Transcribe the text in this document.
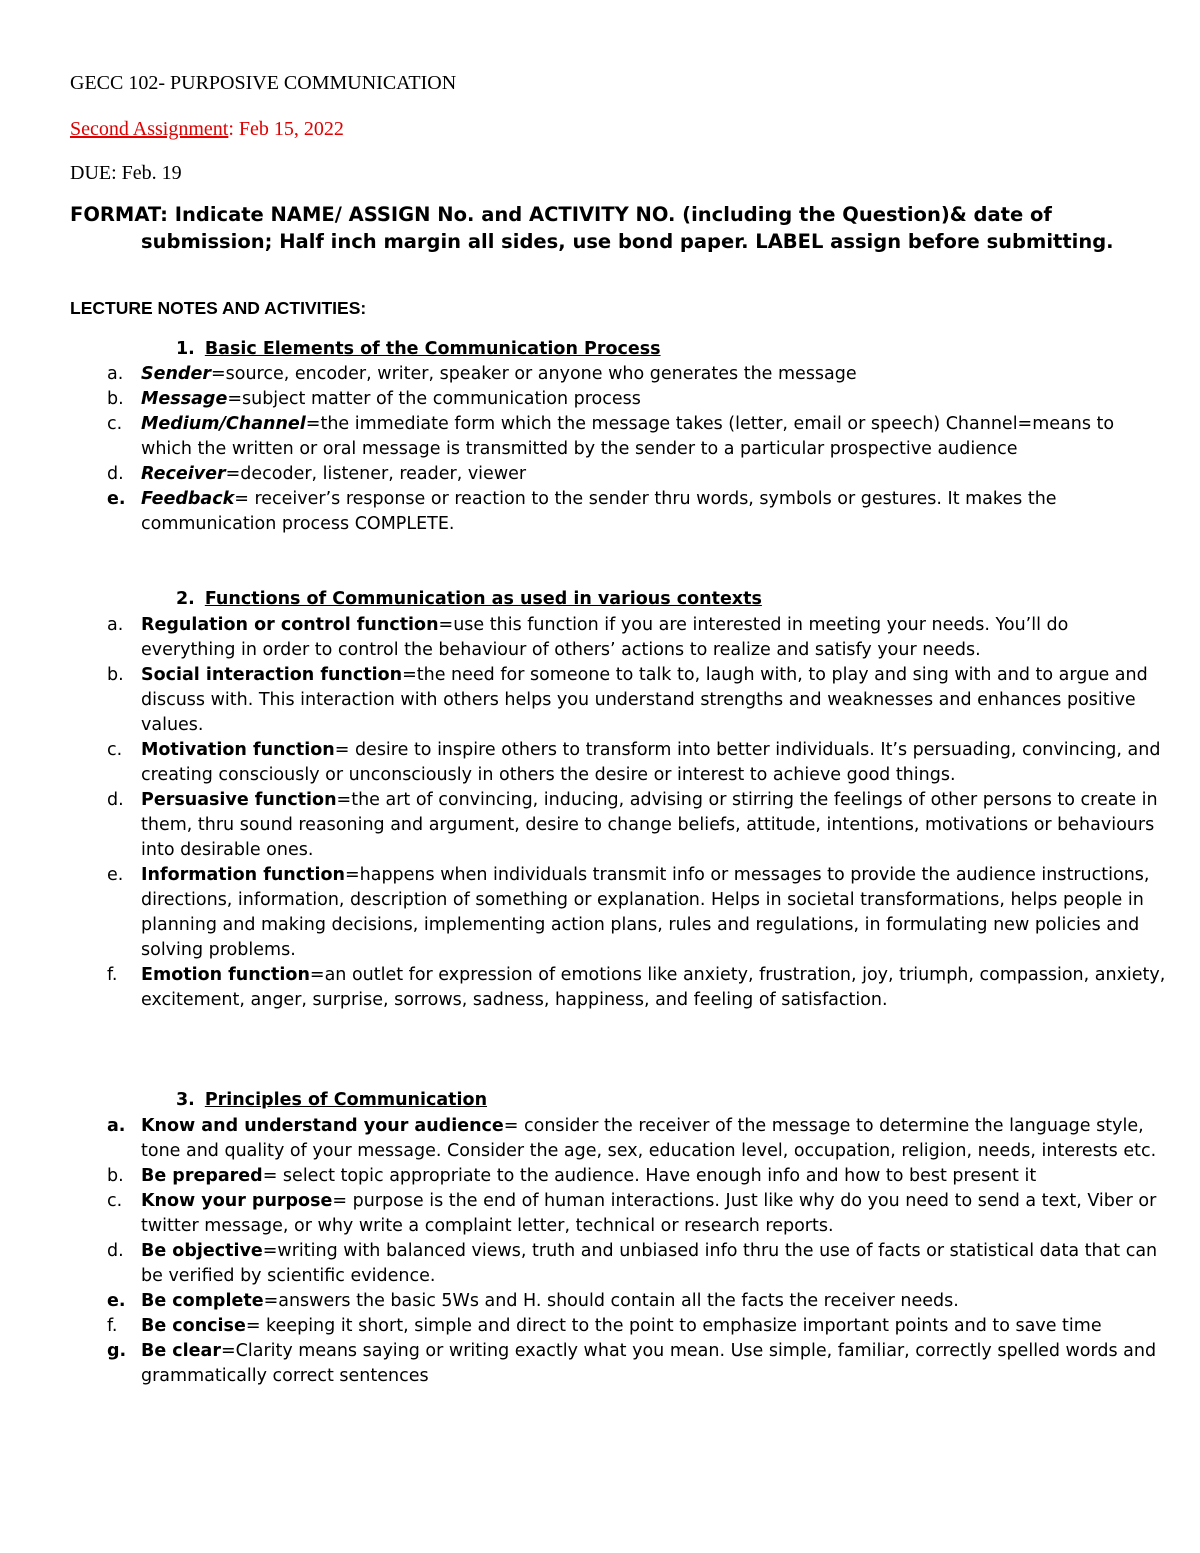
GECC 102- PURPOSIVE COMMUNICATION
Second Assignment: Feb 15, 2022
DUE: Feb. 19
FORMAT: Indicate NAME/ ASSIGN No. and ACTIVITY NO. (including the Question)& date of
submission; Half inch margin all sides, use bond paper. LABEL assign before submitting.
LECTURE NOTES AND ACTIVITIES:
1. Basic Elements of the Communication Process
a. Sender=source, encoder, writer, speaker or anyone who generates the message
b. Message=subject matter of the communication process
c. Medium/Channel=the immediate form which the message takes (letter, email or speech) Channel=means to which the written or oral message is transmitted by the sender to a particular prospective audience
d. Receiver=decoder, listener, reader, viewer
e. Feedback= receiver’s response or reaction to the sender thru words, symbols or gestures. It makes the communication process COMPLETE.
2. Functions of Communication as used in various contexts
a. Regulation or control function=use this function if you are interested in meeting your needs. You’ll do everything in order to control the behaviour of others’ actions to realize and satisfy your needs.
b. Social interaction function=the need for someone to talk to, laugh with, to play and sing with and to argue and discuss with. This interaction with others helps you understand strengths and weaknesses and enhances positive values.
c. Motivation function= desire to inspire others to transform into better individuals. It’s persuading, convincing, and creating consciously or unconsciously in others the desire or interest to achieve good things.
d. Persuasive function=the art of convincing, inducing, advising or stirring the feelings of other persons to create in them, thru sound reasoning and argument, desire to change beliefs, attitude, intentions, motivations or behaviours into desirable ones.
e. Information function=happens when individuals transmit info or messages to provide the audience instructions, directions, information, description of something or explanation. Helps in societal transformations, helps people in planning and making decisions, implementing action plans, rules and regulations, in formulating new policies and solving problems.
f. Emotion function=an outlet for expression of emotions like anxiety, frustration, joy, triumph, compassion, anxiety, excitement, anger, surprise, sorrows, sadness, happiness, and feeling of satisfaction.
3. Principles of Communication
a. Know and understand your audience= consider the receiver of the message to determine the language style, tone and quality of your message. Consider the age, sex, education level, occupation, religion, needs, interests etc.
b. Be prepared= select topic appropriate to the audience. Have enough info and how to best present it
c. Know your purpose= purpose is the end of human interactions. Just like why do you need to send a text, Viber or twitter message, or why write a complaint letter, technical or research reports.
d. Be objective=writing with balanced views, truth and unbiased info thru the use of facts or statistical data that can be verified by scientific evidence.
e. Be complete=answers the basic 5Ws and H. should contain all the facts the receiver needs.
f. Be concise= keeping it short, simple and direct to the point to emphasize important points and to save time
g. Be clear=Clarity means saying or writing exactly what you mean. Use simple, familiar, correctly spelled words and grammatically correct sentences
